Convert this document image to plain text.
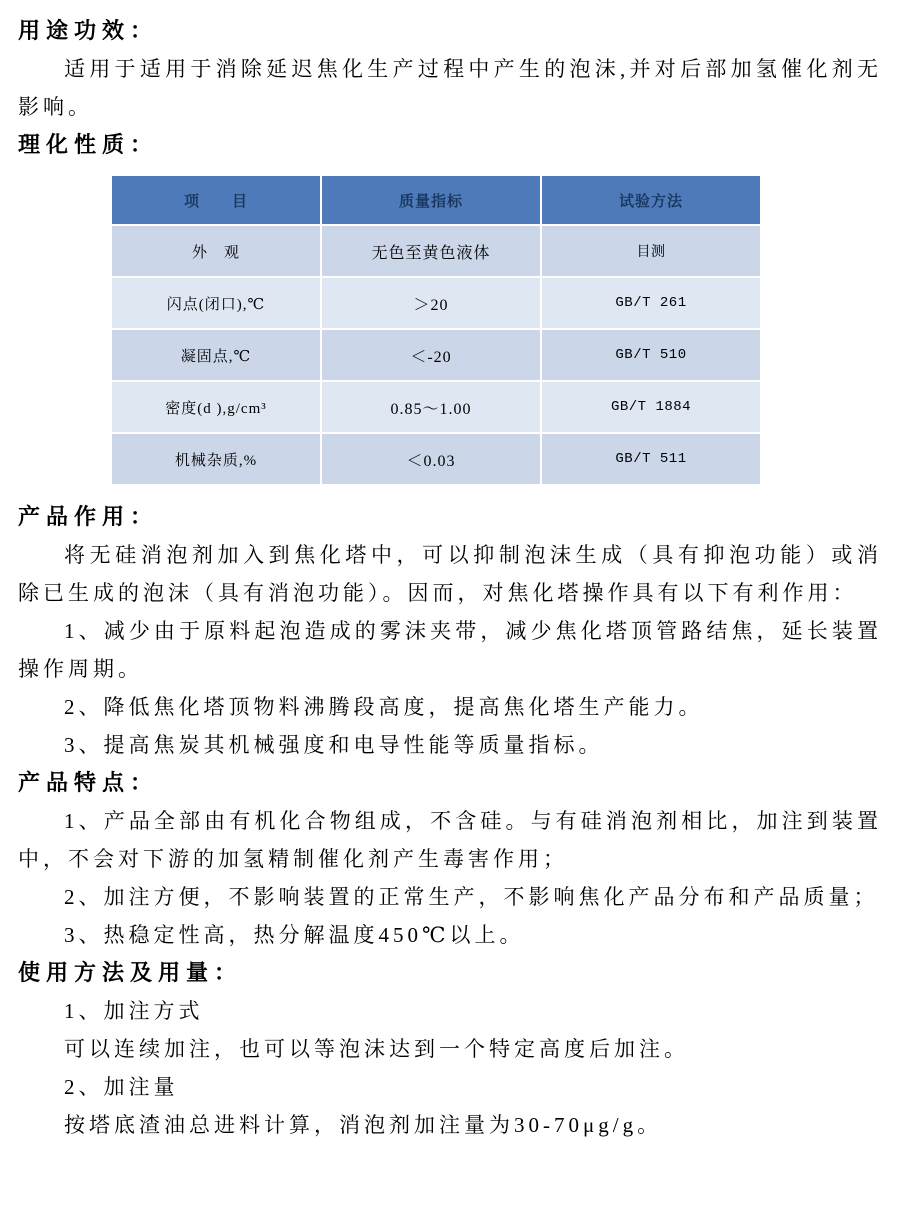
用途功效：

适用于适用于消除延迟焦化生产过程中产生的泡沫,并对后部加氢催化剂无影响。

理化性质：
项　　目	质量指标	试验方法
外　观	无色至黄色液体	目测
闪点(闭口),℃	＞20	GB/T 261
凝固点,℃	＜-20	GB/T 510
密度(d ),g/cm³	0.85～1.00	GB/T 1884
机械杂质,%	＜0.03	GB/T 511
产品作用：

将无硅消泡剂加入到焦化塔中，可以抑制泡沫生成（具有抑泡功能）或消除已生成的泡沫（具有消泡功能）。因而，对焦化塔操作具有以下有利作用：

1、减少由于原料起泡造成的雾沫夹带，减少焦化塔顶管路结焦，延长装置操作周期。

2、降低焦化塔顶物料沸腾段高度，提高焦化塔生产能力。

3、提高焦炭其机械强度和电导性能等质量指标。

产品特点：

1、产品全部由有机化合物组成，不含硅。与有硅消泡剂相比，加注到装置中，不会对下游的加氢精制催化剂产生毒害作用；

2、加注方便，不影响装置的正常生产，不影响焦化产品分布和产品质量；

3、热稳定性高，热分解温度450℃以上。

使用方法及用量：

1、加注方式

可以连续加注，也可以等泡沫达到一个特定高度后加注。

2、加注量

按塔底渣油总进料计算，消泡剂加注量为30-70μg/g。
